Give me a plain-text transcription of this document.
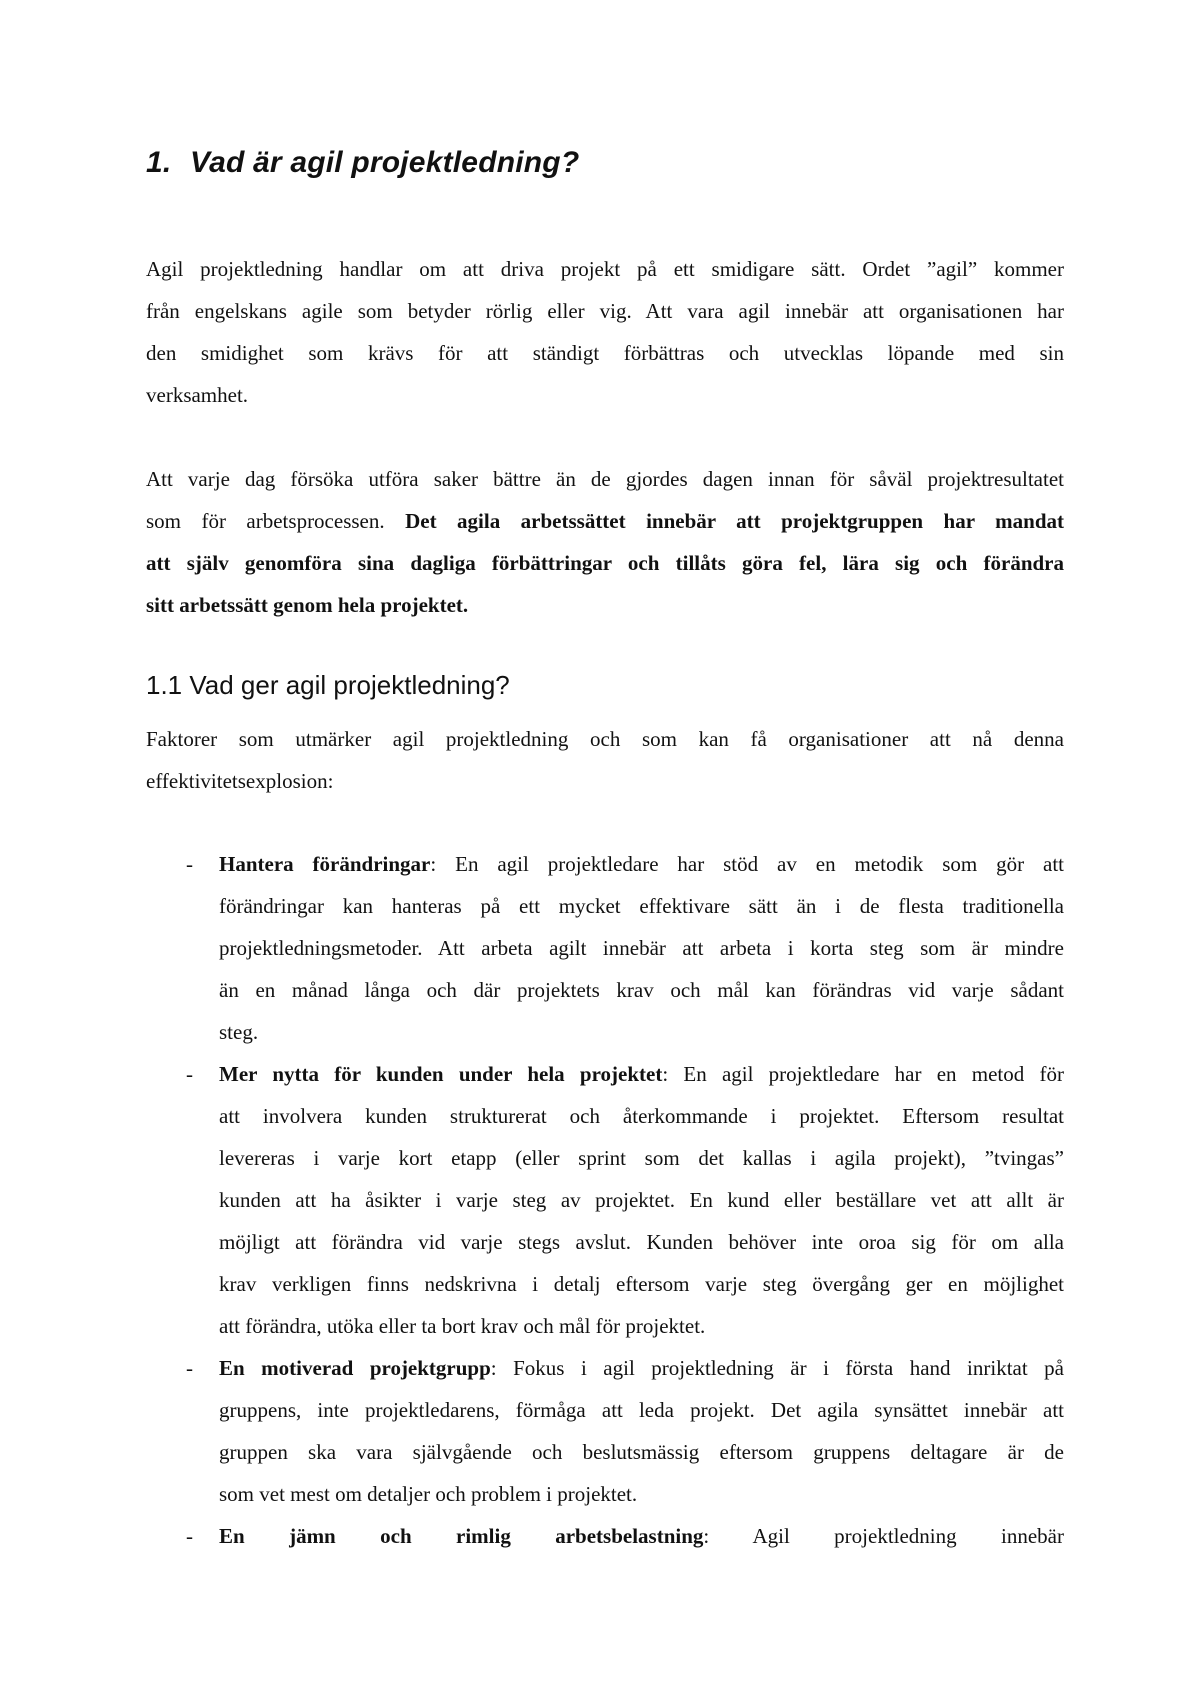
1. Vad är agil projektledning?

Agil projektledning handlar om att driva projekt på ett smidigare sätt. Ordet ”agil” kommer
från engelskans agile som betyder rörlig eller vig. Att vara agil innebär att organisationen har
den smidighet som krävs för att ständigt förbättras och utvecklas löpande med sin
verksamhet.

Att varje dag försöka utföra saker bättre än de gjordes dagen innan för såväl projektresultatet
som för arbetsprocessen. Det agila arbetssättet innebär att projektgruppen har mandat
att själv genomföra sina dagliga förbättringar och tillåts göra fel, lära sig och förändra
sitt arbetssätt genom hela projektet.

1.1 Vad ger agil projektledning?

Faktorer som utmärker agil projektledning och som kan få organisationer att nå denna
effektivitetsexplosion:

- Hantera förändringar: En agil projektledare har stöd av en metodik som gör att
förändringar kan hanteras på ett mycket effektivare sätt än i de flesta traditionella
projektledningsmetoder. Att arbeta agilt innebär att arbeta i korta steg som är mindre
än en månad långa och där projektets krav och mål kan förändras vid varje sådant
steg.
- Mer nytta för kunden under hela projektet: En agil projektledare har en metod för
att involvera kunden strukturerat och återkommande i projektet. Eftersom resultat
levereras i varje kort etapp (eller sprint som det kallas i agila projekt), ”tvingas”
kunden att ha åsikter i varje steg av projektet. En kund eller beställare vet att allt är
möjligt att förändra vid varje stegs avslut. Kunden behöver inte oroa sig för om alla
krav verkligen finns nedskrivna i detalj eftersom varje steg övergång ger en möjlighet
att förändra, utöka eller ta bort krav och mål för projektet.
- En motiverad projektgrupp: Fokus i agil projektledning är i första hand inriktat på
gruppens, inte projektledarens, förmåga att leda projekt. Det agila synsättet innebär att
gruppen ska vara självgående och beslutsmässig eftersom gruppens deltagare är de
som vet mest om detaljer och problem i projektet.
- En jämn och rimlig arbetsbelastning: Agil projektledning innebär
